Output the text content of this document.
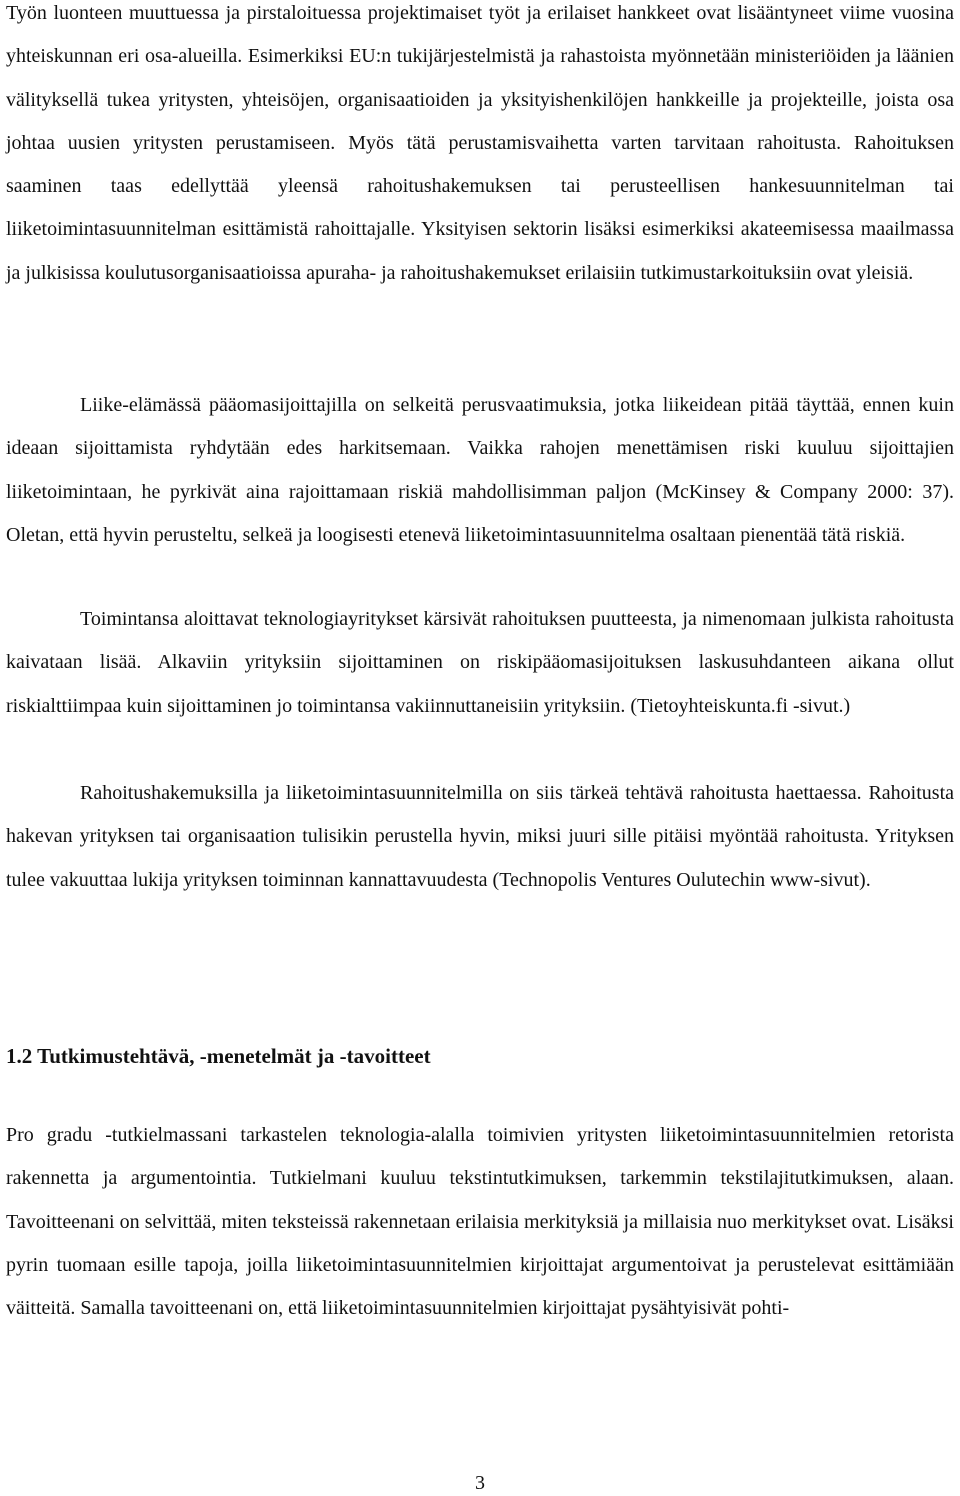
Työn luonteen muuttuessa ja pirstaloituessa projektimaiset työt ja erilaiset hankkeet ovat lisääntyneet viime vuosina yhteiskunnan eri osa-alueilla. Esimerkiksi EU:n tukijärjestelmistä ja rahastoista myönnetään ministeriöiden ja läänien välityksellä tukea yritysten, yhteisöjen, organisaatioiden ja yksityishenkilöjen hankkeille ja projekteille, joista osa johtaa uusien yritysten perustamiseen. Myös tätä perustamisvaihetta varten tarvitaan rahoitusta. Rahoituksen saaminen taas edellyttää yleensä rahoitushakemuksen tai perusteellisen hankesuunnitelman tai liiketoimintasuunnitelman esittämistä rahoittajalle. Yksityisen sektorin lisäksi esimerkiksi akateemisessa maailmassa ja julkisissa koulutusorganisaatioissa apuraha- ja rahoitushakemukset erilaisiin tutkimustarkoituksiin ovat yleisiä.

Liike-elämässä pääomasijoittajilla on selkeitä perusvaatimuksia, jotka liikeidean pitää täyttää, ennen kuin ideaan sijoittamista ryhdytään edes harkitsemaan. Vaikka rahojen menettämisen riski kuuluu sijoittajien liiketoimintaan, he pyrkivät aina rajoittamaan riskiä mahdollisimman paljon (McKinsey & Company 2000: 37). Oletan, että hyvin perusteltu, selkeä ja loogisesti etenevä liiketoimintasuunnitelma osaltaan pienentää tätä riskiä.

Toimintansa aloittavat teknologiayritykset kärsivät rahoituksen puutteesta, ja nimenomaan julkista rahoitusta kaivataan lisää. Alkaviin yrityksiin sijoittaminen on riskipääomasijoituksen laskusuhdanteen aikana ollut riskialttiimpaa kuin sijoittaminen jo toimintansa vakiinnuttaneisiin yrityksiin. (Tietoyhteiskunta.fi -sivut.)

Rahoitushakemuksilla ja liiketoimintasuunnitelmilla on siis tärkeä tehtävä rahoitusta haettaessa. Rahoitusta hakevan yrityksen tai organisaation tulisikin perustella hyvin, miksi juuri sille pitäisi myöntää rahoitusta. Yrityksen tulee vakuuttaa lukija yrityksen toiminnan kannattavuudesta (Technopolis Ventures Oulutechin www-sivut).

1.2 Tutkimustehtävä, -menetelmät ja -tavoitteet

Pro gradu -tutkielmassani tarkastelen teknologia-alalla toimivien yritysten liiketoimintasuunnitelmien retorista rakennetta ja argumentointia. Tutkielmani kuuluu tekstintutkimuksen, tarkemmin tekstilajitutkimuksen, alaan. Tavoitteenani on selvittää, miten teksteissä rakennetaan erilaisia merkityksiä ja millaisia nuo merkitykset ovat. Lisäksi pyrin tuomaan esille tapoja, joilla liiketoimintasuunnitelmien kirjoittajat argumentoivat ja perustelevat esittämiään väitteitä. Samalla tavoitteenani on, että liiketoimintasuunnitelmien kirjoittajat pysähtyisivät pohti-

3
